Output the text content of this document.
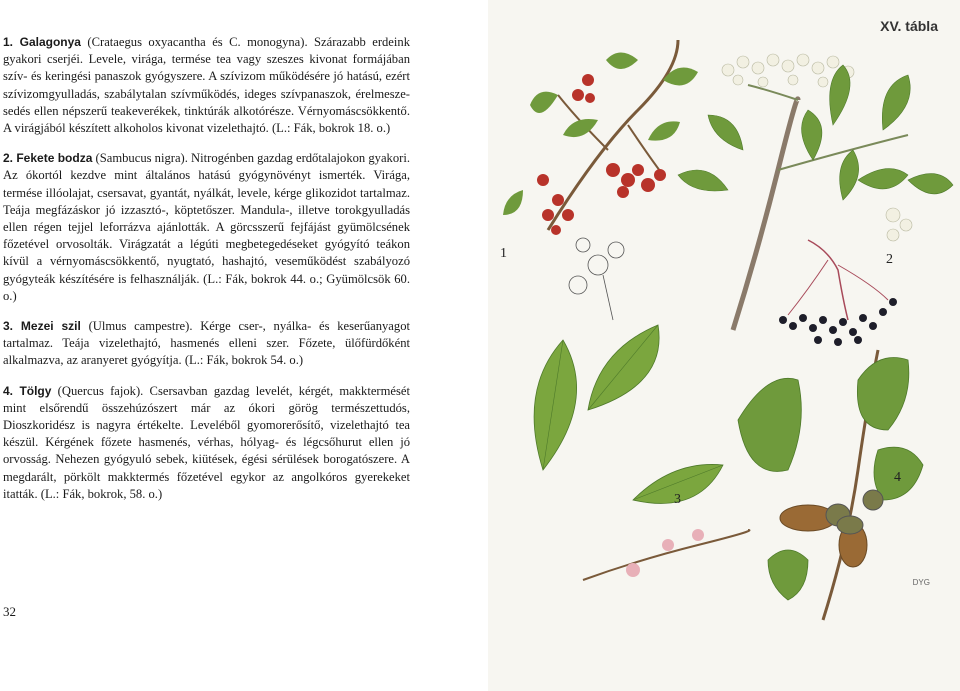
1. Galagonya (Crataegus oxyacantha és C. monogyna). Szárazabb erdeink gyakori cserjéi. Levele, virága, termése tea vagy szeszes kivonat formájában szív- és keringési panaszok gyógyszere. A szívizom működésére jó hatású, ezért szívizomgyulladás, szabálytalan szívműködés, ideges szívpanaszok, érelmeszesedés ellen népszerű teakeverékek, tinktúrák alkotórésze. Vérnyomáscsökkentő. A virágjából készített alkoholos kivonat vizelethajtó. (L.: Fák, bokrok 18. o.)

2. Fekete bodza (Sambucus nigra). Nitrogénben gazdag erdőtalajokon gyakori. Az ókortól kezdve mint általános hatású gyógynövényt ismerték. Virága, termése illóolajat, csersavat, gyantát, nyálkát, levele, kérge glikozidot tartalmaz. Teája megfázáskor jó izzasztó-, köptetőszer. Mandula-, illetve torokgyulladás ellen régen tejjel leforrázva ajánlották. A görcsszerű fejfájást gyümölcsének főzetével orvosolták. Virágzatát a légúti megbetegedéseket gyógyító teákon kívül a vérnyomáscsökkentő, nyugtató, hashajtó, veseműködést szabályozó gyógyteák készítésére is felhasználják. (L.: Fák, bokrok 44. o.; Gyümölcsök 60. o.)

3. Mezei szil (Ulmus campestre). Kérge cser-, nyálka- és keserűanyagot tartalmaz. Teája vizelethajtó, hasmenés elleni szer. Főzete, ülőfürdőként alkalmazva, az aranyeret gyógyítja. (L.: Fák, bokrok 54. o.)

4. Tölgy (Quercus fajok). Csersavban gazdag levelét, kérgét, makktermését mint elsőrendű összehúzószert már az ókori görög természettudós, Dioszkoridész is nagyra értékelte. Leveléből gyomorerősítő, vizelethajtó tea készül. Kérgének főzete hasmenés, vérhas, hólyag- és légcsőhurut ellen jó orvosság. Nehezen gyógyuló sebek, kiütések, égési sérülések borogatószere. A megdarált, pörkölt makktermés főzetével egykor az angolkóros gyerekeket itatták. (L.: Fák, bokrok, 58. o.)

32
XV. tábla
1	2
3
4
DYG
